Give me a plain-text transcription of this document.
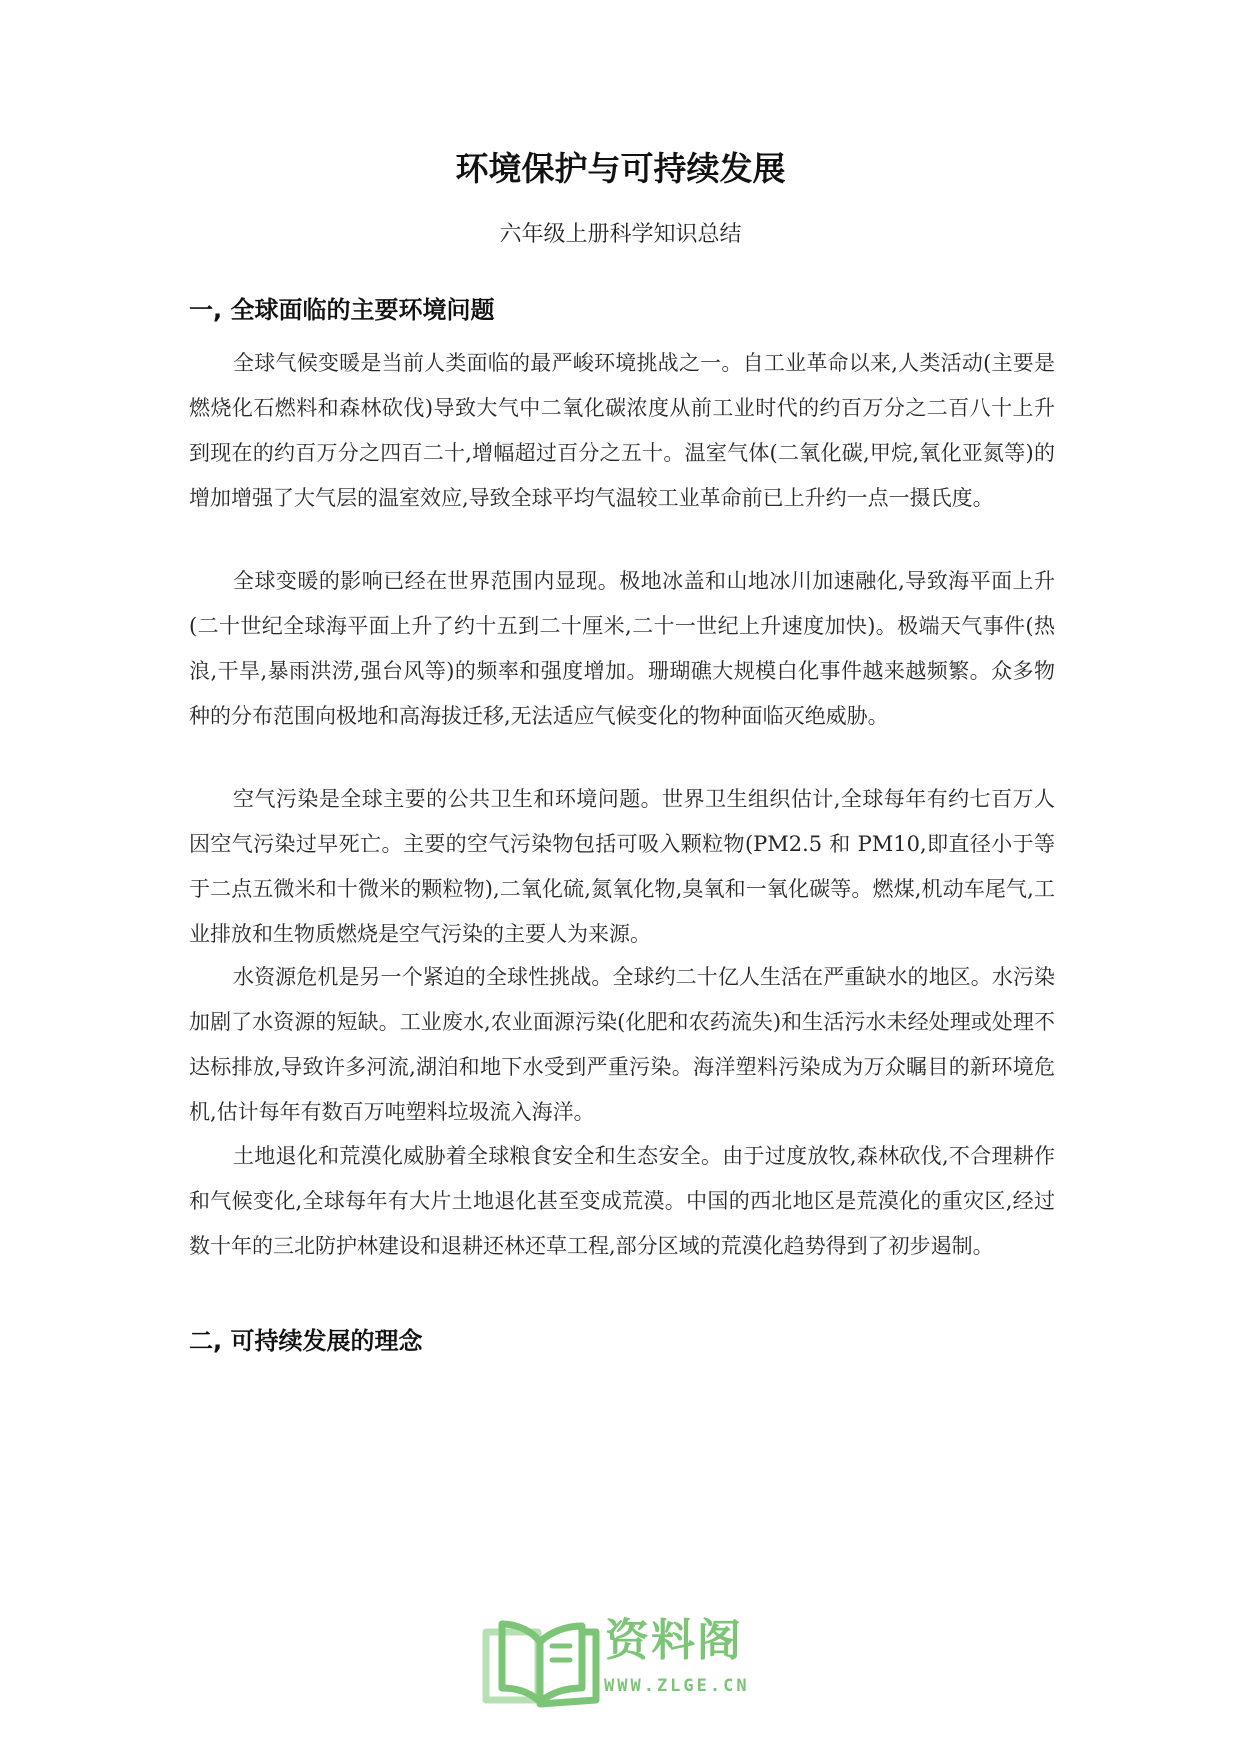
环境保护与可持续发展

六年级上册科学知识总结

一, 全球面临的主要环境问题

全球气候变暖是当前人类面临的最严峻环境挑战之一。自工业革命以来,人类活动(主要是燃烧化石燃料和森林砍伐)导致大气中二氧化碳浓度从前工业时代的约百万分之二百八十上升到现在的约百万分之四百二十,增幅超过百分之五十。温室气体(二氧化碳,甲烷,氧化亚氮等)的增加增强了大气层的温室效应,导致全球平均气温较工业革命前已上升约一点一摄氏度。

全球变暖的影响已经在世界范围内显现。极地冰盖和山地冰川加速融化,导致海平面上升(二十世纪全球海平面上升了约十五到二十厘米,二十一世纪上升速度加快)。极端天气事件(热浪,干旱,暴雨洪涝,强台风等)的频率和强度增加。珊瑚礁大规模白化事件越来越频繁。众多物种的分布范围向极地和高海拔迁移,无法适应气候变化的物种面临灭绝威胁。

空气污染是全球主要的公共卫生和环境问题。世界卫生组织估计,全球每年有约七百万人因空气污染过早死亡。主要的空气污染物包括可吸入颗粒物(PM2.5 和 PM10,即直径小于等于二点五微米和十微米的颗粒物),二氧化硫,氮氧化物,臭氧和一氧化碳等。燃煤,机动车尾气,工业排放和生物质燃烧是空气污染的主要人为来源。

水资源危机是另一个紧迫的全球性挑战。全球约二十亿人生活在严重缺水的地区。水污染加剧了水资源的短缺。工业废水,农业面源污染(化肥和农药流失)和生活污水未经处理或处理不达标排放,导致许多河流,湖泊和地下水受到严重污染。海洋塑料污染成为万众瞩目的新环境危机,估计每年有数百万吨塑料垃圾流入海洋。

土地退化和荒漠化威胁着全球粮食安全和生态安全。由于过度放牧,森林砍伐,不合理耕作和气候变化,全球每年有大片土地退化甚至变成荒漠。中国的西北地区是荒漠化的重灾区,经过数十年的三北防护林建设和退耕还林还草工程,部分区域的荒漠化趋势得到了初步遏制。

二, 可持续发展的理念
资料阁
WWW.ZLGE.CN
